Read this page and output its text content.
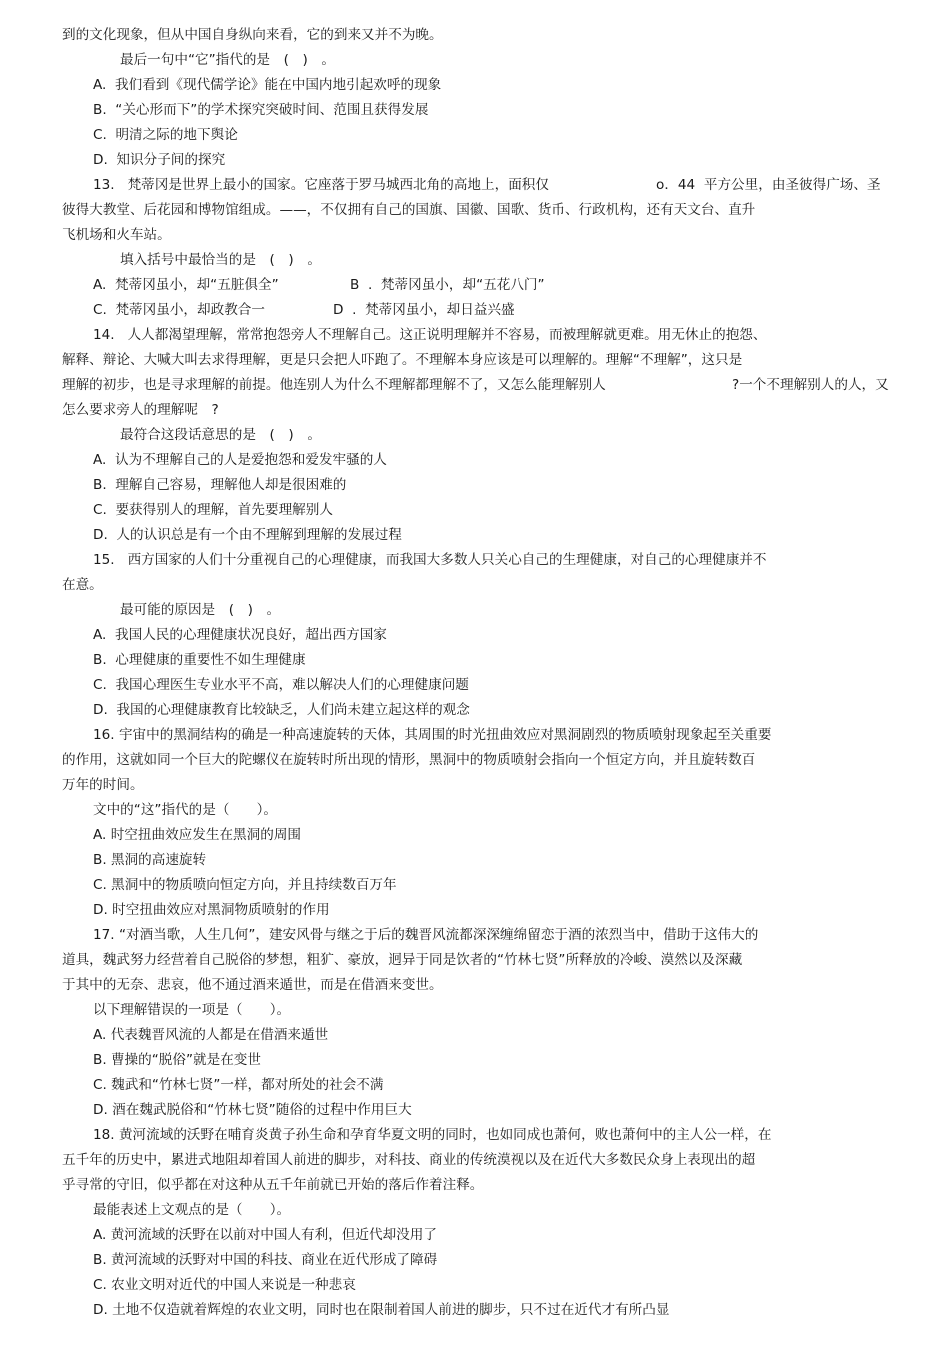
到的文化现象，但从中国自身纵向来看，它的到来又并不为晚。
最后一句中“它”指代的是　(　)　。
A.  我们看到《现代儒学论》能在中国内地引起欢呼的现象
B.  “关心形而下”的学术探究突破时间、范围且获得发展
C.  明清之际的地下舆论
D.  知识分子间的探究
13.   梵蒂冈是世界上最小的国家。它座落于罗马城西北角的高地上，面积仅	o．44  平方公里，由圣彼得广场、圣
彼得大教堂、后花园和博物馆组成。——，不仅拥有自己的国旗、国徽、国歌、货币、行政机构，还有天文台、直升
飞机场和火车站。
填入括号中最恰当的是　(　)　。
A.  梵蒂冈虽小，却“五脏俱全”	B  .  梵蒂冈虽小，却“五花八门”
C.  梵蒂冈虽小，却政教合一	D  .  梵蒂冈虽小，却日益兴盛
14.   人人都渴望理解，常常抱怨旁人不理解自己。这正说明理解并不容易，而被理解就更难。用无休止的抱怨、
解释、辩论、大喊大叫去求得理解，更是只会把人吓跑了。不理解本身应该是可以理解的。理解“不理解”，这只是
理解的初步，也是寻求理解的前提。他连别人为什么不理解都理解不了，又怎么能理解别人	?一个不理解别人的人，又
怎么要求旁人的理解呢　?
最符合这段话意思的是　(　)　。
A.  认为不理解自己的人是爱抱怨和爱发牢骚的人
B.  理解自己容易，理解他人却是很困难的
C.  要获得别人的理解，首先要理解别人
D.  人的认识总是有一个由不理解到理解的发展过程
15.   西方国家的人们十分重视自己的心理健康，而我国大多数人只关心自己的生理健康，对自己的心理健康并不
在意。
最可能的原因是　(　)　。
A.  我国人民的心理健康状况良好，超出西方国家
B.  心理健康的重要性不如生理健康
C.  我国心理医生专业水平不高，难以解决人们的心理健康问题
D.  我国的心理健康教育比较缺乏，人们尚未建立起这样的观念
16. 宇宙中的黑洞结构的确是一种高速旋转的天体，其周围的时光扭曲效应对黑洞剧烈的物质喷射现象起至关重要
的作用，这就如同一个巨大的陀螺仪在旋转时所出现的情形，黑洞中的物质喷射会指向一个恒定方向，并且旋转数百
万年的时间。
文中的“这”指代的是（　　）。
A. 时空扭曲效应发生在黑洞的周围
B. 黑洞的高速旋转
C. 黑洞中的物质喷向恒定方向，并且持续数百万年
D. 时空扭曲效应对黑洞物质喷射的作用
17. “对酒当歌，人生几何”，建安风骨与继之于后的魏晋风流都深深缠绵留恋于酒的浓烈当中，借助于这伟大的
道具，魏武努力经营着自己脱俗的梦想，粗犷、豪放，迥异于同是饮者的“竹林七贤”所释放的冷峻、漠然以及深藏
于其中的无奈、悲哀，他不通过酒来遁世，而是在借酒来变世。
以下理解错误的一项是（　　）。
A. 代表魏晋风流的人都是在借酒来遁世
B. 曹操的“脱俗”就是在变世
C. 魏武和“竹林七贤”一样，都对所处的社会不满
D. 酒在魏武脱俗和“竹林七贤”随俗的过程中作用巨大
18. 黄河流域的沃野在哺育炎黄子孙生命和孕育华夏文明的同时，也如同成也萧何，败也萧何中的主人公一样，在
五千年的历史中，累进式地阻却着国人前进的脚步，对科技、商业的传统漠视以及在近代大多数民众身上表现出的超
乎寻常的守旧，似乎都在对这种从五千年前就已开始的落后作着注释。
最能表述上文观点的是（　　）。
A. 黄河流域的沃野在以前对中国人有利，但近代却没用了
B. 黄河流域的沃野对中国的科技、商业在近代形成了障碍
C. 农业文明对近代的中国人来说是一种悲哀
D. 土地不仅造就着辉煌的农业文明，同时也在限制着国人前进的脚步，只不过在近代才有所凸显
